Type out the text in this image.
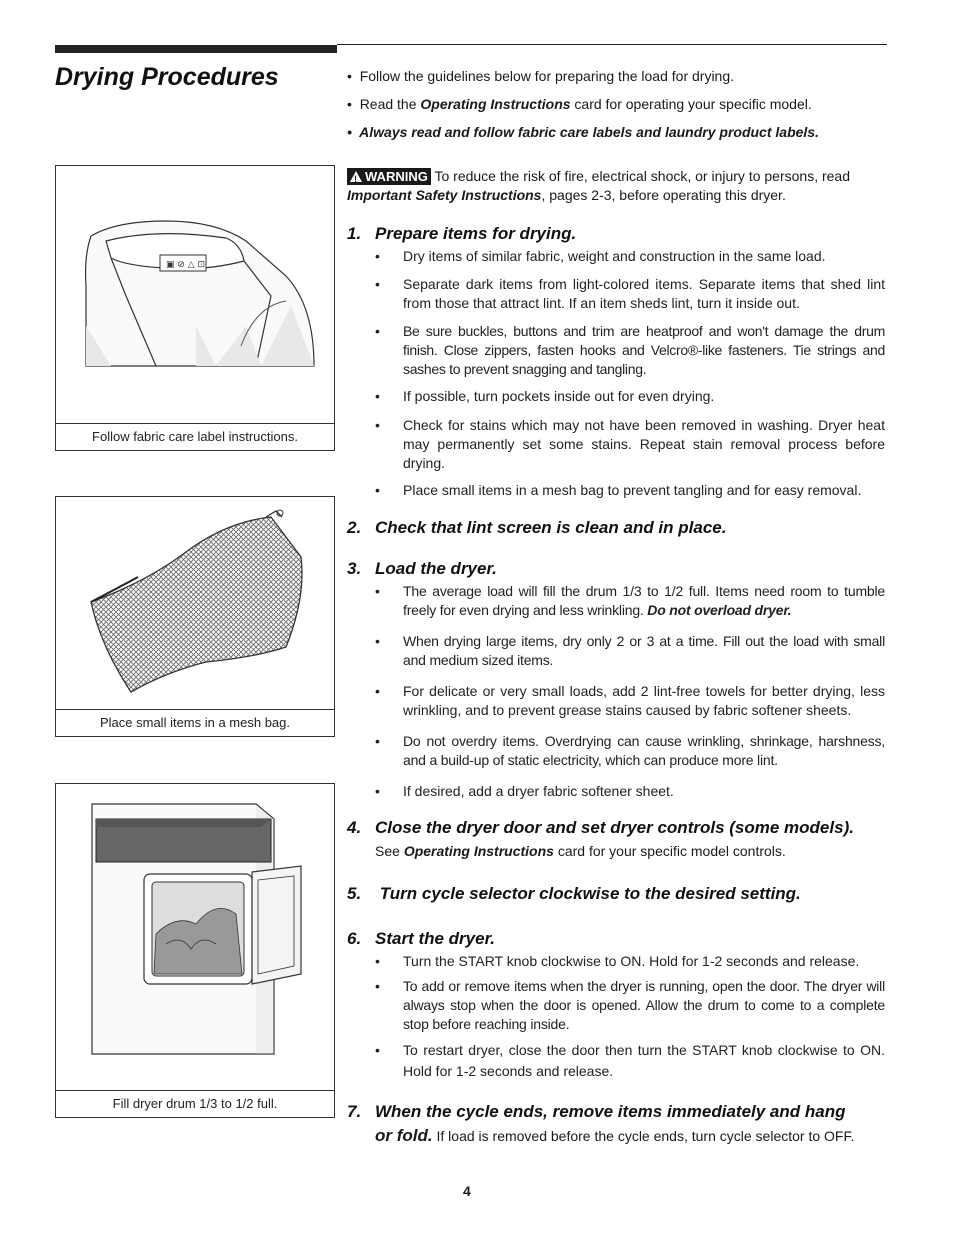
Drying Procedures	•  Follow the guidelines below for preparing the load for drying.
•  Read the Operating Instructions card for operating your specific model.
•  Always read and follow fabric care labels and laundry product labels.
!WARNING To reduce the risk of fire, electrical shock, or injury to persons, read
Important Safety Instructions, pages 2-3, before operating this dryer.
1. Prepare items for drying.
• Dry items of similar fabric, weight and construction in the same load.
• Separate dark items from light-colored items. Separate items that shed lint from those that attract lint. If an item sheds lint, turn it inside out.
• Be sure buckles, buttons and trim are heatproof and won't damage the drum finish. Close zippers, fasten hooks and Velcro®-like fasteners. Tie strings and sashes to prevent snagging and tangling.
• If possible, turn pockets inside out for even drying.
• Check for stains which may not have been removed in washing. Dryer heat may permanently set some stains. Repeat stain removal process before drying.
• Place small items in a mesh bag to prevent tangling and for easy removal.
2. Check that lint screen is clean and in place.
3. Load the dryer.
• The average load will fill the drum 1/3 to 1/2 full. Items need room to tumble freely for even drying and less wrinkling. Do not overload dryer.
• When drying large items, dry only 2 or 3 at a time. Fill out the load with small and medium sized items.
• For delicate or very small loads, add 2 lint-free towels for better drying, less wrinkling, and to prevent grease stains caused by fabric softener sheets.
• Do not overdry items. Overdrying can cause wrinkling, shrinkage, harshness, and a build-up of static electricity, which can produce more lint.
• If desired, add a dryer fabric softener sheet.
4. Close the dryer door and set dryer controls (some models).
See Operating Instructions card for your specific model controls.
5. Turn cycle selector clockwise to the desired setting.
6. Start the dryer.
• Turn the START knob clockwise to ON. Hold for 1-2 seconds and release.
• To add or remove items when the dryer is running, open the door. The dryer will always stop when the door is opened. Allow the drum to come to a complete stop before reaching inside.
• To restart dryer, close the door then turn the START knob clockwise to ON. Hold for 1-2 seconds and release.
7. When the cycle ends, remove items immediately and hang
or fold. If load is removed before the cycle ends, turn cycle selector to OFF.
▣ ⊘ △ ⊡
Follow fabric care label instructions.
Place small items in a mesh bag.
Fill dryer drum 1/3 to 1/2 full.
4
